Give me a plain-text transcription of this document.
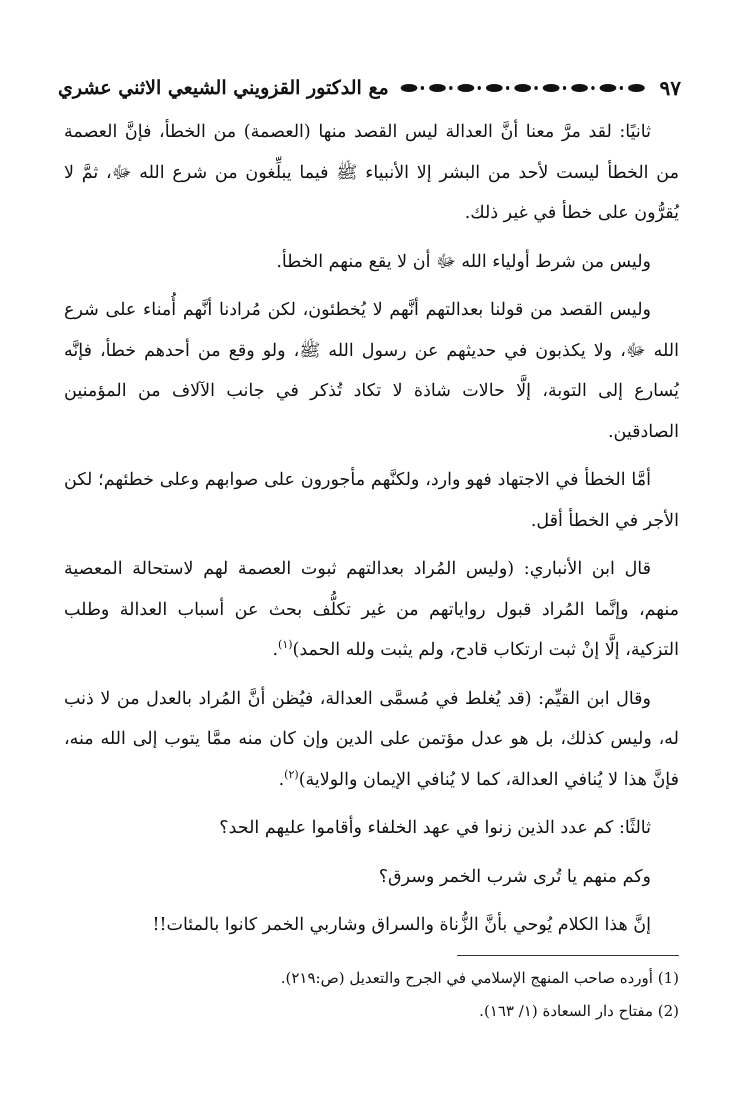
مع الدكتور القزويني الشيعي الاثني عشري	٩٧

ثانيًا: لقد مرَّ معنا أنَّ العدالة ليس القصد منها (العصمة) من الخطأ، فإنَّ العصمة من الخطأ ليست لأحد من البشر إلا الأنبياء ﷺ فيما يبلِّغون من شرع الله ﷻ، ثمَّ لا يُقرُّون على خطأ في غير ذلك.

وليس من شرط أولياء الله ﷻ أن لا يقع منهم الخطأ.

وليس القصد من قولنا بعدالتهم أنَّهم لا يُخطئون، لكن مُرادنا أنَّهم أُمناء على شرع الله ﷻ، ولا يكذبون في حديثهم عن رسول الله ﷺ، ولو وقع من أحدهم خطأ، فإنَّه يُسارع إلى التوبة، إلَّا حالات شاذة لا تكاد تُذكر في جانب الآلاف من المؤمنين الصادقين.

أمَّا الخطأ في الاجتهاد فهو وارد، ولكنَّهم مأجورون على صوابهم وعلى خطئهم؛ لكن الأجر في الخطأ أقل.

قال ابن الأنباري: (وليس المُراد بعدالتهم ثبوت العصمة لهم لاستحالة المعصية منهم، وإنَّما المُراد قبول رواياتهم من غير تكلُّف بحث عن أسباب العدالة وطلب التزكية، إلَّا إنْ ثبت ارتكاب قادح، ولم يثبت ولله الحمد)$^{(١)}$.

وقال ابن القيِّم: (قد يُغلط في مُسمَّى العدالة، فيُظن أنَّ المُراد بالعدل من لا ذنب له، وليس كذلك، بل هو عدل مؤتمن على الدين وإن كان منه ممَّا يتوب إلى الله منه، فإنَّ هذا لا يُنافي العدالة، كما لا يُنافي الإيمان والولاية)$^{(٢)}$.

ثالثًا: كم عدد الذين زنوا في عهد الخلفاء وأقاموا عليهم الحد؟

وكم منهم يا تُرى شرب الخمر وسرق؟

إنَّ هذا الكلام يُوحي بأنَّ الزُّناة والسراق وشاربي الخمر كانوا بالمئات!!

(1) أورده صاحب المنهج الإسلامي في الجرح والتعديل (ص:٢١٩).
(2) مفتاح دار السعادة (١/ ١٦٣).
